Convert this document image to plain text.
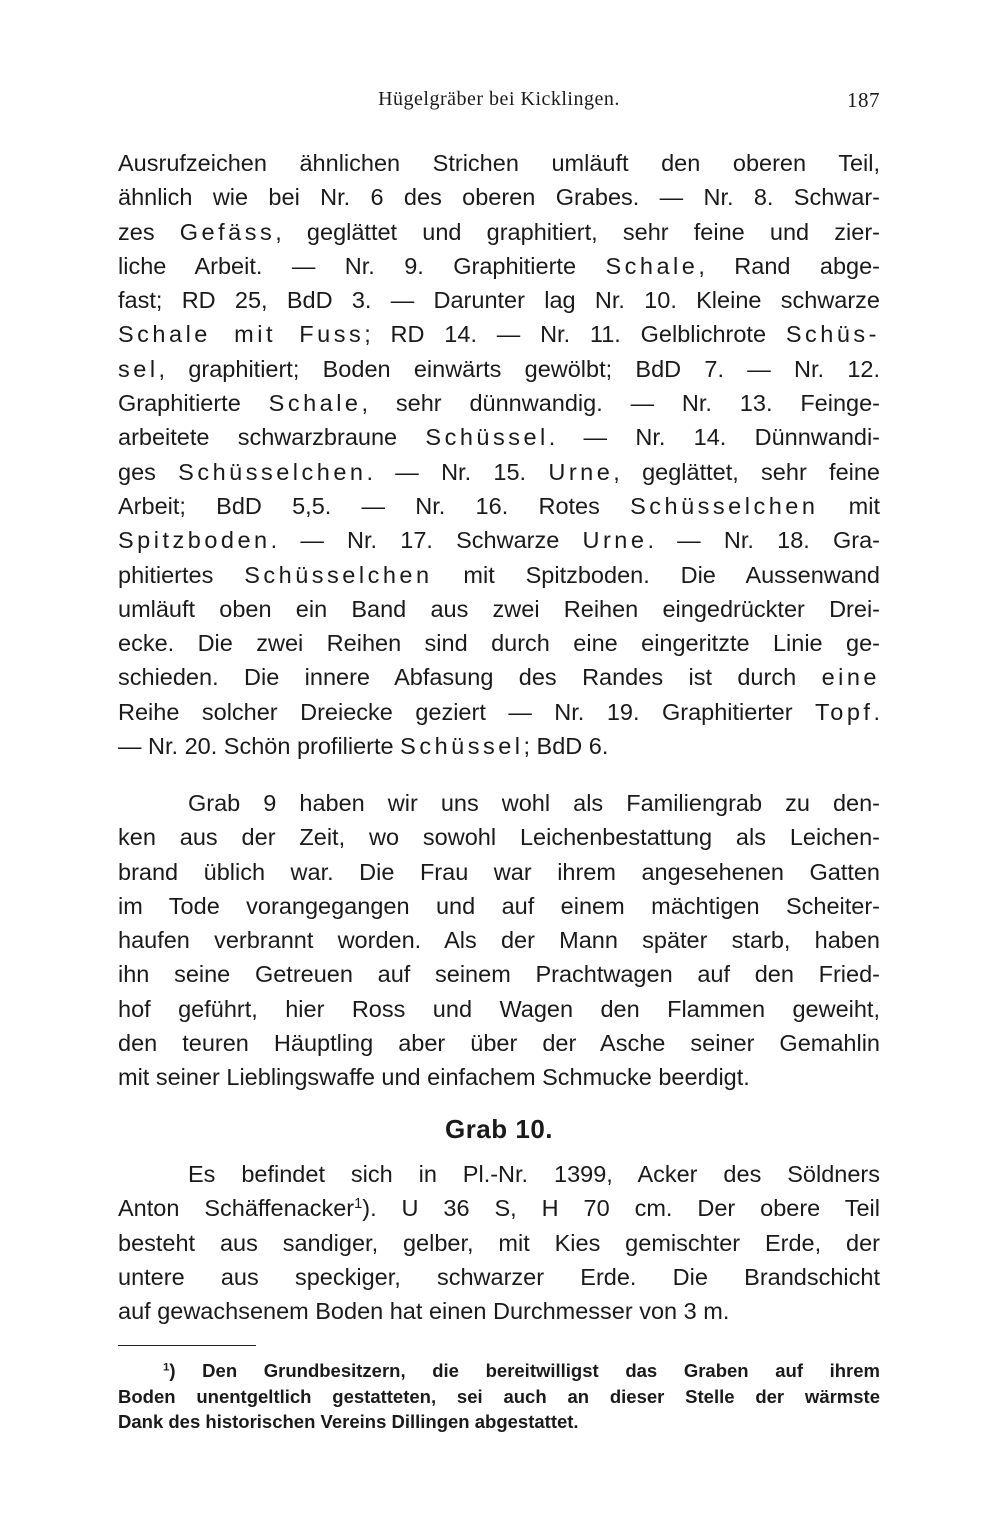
Hügelgräber bei Kicklingen.	187

Ausrufzeichen ähnlichen Strichen umläuft den oberen Teil,
ähnlich wie bei Nr. 6 des oberen Grabes. — Nr. 8. Schwar-
zes Gefäss, geglättet und graphitiert, sehr feine und zier-
liche Arbeit. — Nr. 9. Graphitierte Schale, Rand abge-
fast; RD 25, BdD 3. — Darunter lag Nr. 10. Kleine schwarze
Schale mit Fuss; RD 14. — Nr. 11. Gelblichrote Schüs-
sel, graphitiert; Boden einwärts gewölbt; BdD 7. — Nr. 12.
Graphitierte Schale, sehr dünnwandig. — Nr. 13. Feinge-
arbeitete schwarzbraune Schüssel. — Nr. 14. Dünnwandi-
ges Schüsselchen. — Nr. 15. Urne, geglättet, sehr feine
Arbeit; BdD 5,5. — Nr. 16. Rotes Schüsselchen mit
Spitzboden. — Nr. 17. Schwarze Urne. — Nr. 18. Gra-
phitiertes Schüsselchen mit Spitzboden. Die Aussenwand
umläuft oben ein Band aus zwei Reihen eingedrückter Drei-
ecke. Die zwei Reihen sind durch eine eingeritzte Linie ge-
schieden. Die innere Abfasung des Randes ist durch eine
Reihe solcher Dreiecke geziert — Nr. 19. Graphitierter Topf.
— Nr. 20. Schön profilierte Schüssel; BdD 6.

Grab 9 haben wir uns wohl als Familiengrab zu den-
ken aus der Zeit, wo sowohl Leichenbestattung als Leichen-
brand üblich war. Die Frau war ihrem angesehenen Gatten
im Tode vorangegangen und auf einem mächtigen Scheiter-
haufen verbrannt worden. Als der Mann später starb, haben
ihn seine Getreuen auf seinem Prachtwagen auf den Fried-
hof geführt, hier Ross und Wagen den Flammen geweiht,
den teuren Häuptling aber über der Asche seiner Gemahlin
mit seiner Lieblingswaffe und einfachem Schmucke beerdigt.

Grab 10.

Es befindet sich in Pl.-Nr. 1399, Acker des Söldners
Anton Schäffenacker$^1$). U 36 S, H 70 cm. Der obere Teil
besteht aus sandiger, gelber, mit Kies gemischter Erde, der
untere aus speckiger, schwarzer Erde. Die Brandschicht
auf gewachsenem Boden hat einen Durchmesser von 3 m.

$^1$) Den Grundbesitzern, die bereitwilligst das Graben auf ihrem
Boden unentgeltlich gestatteten, sei auch an dieser Stelle der wärmste
Dank des historischen Vereins Dillingen abgestattet.
